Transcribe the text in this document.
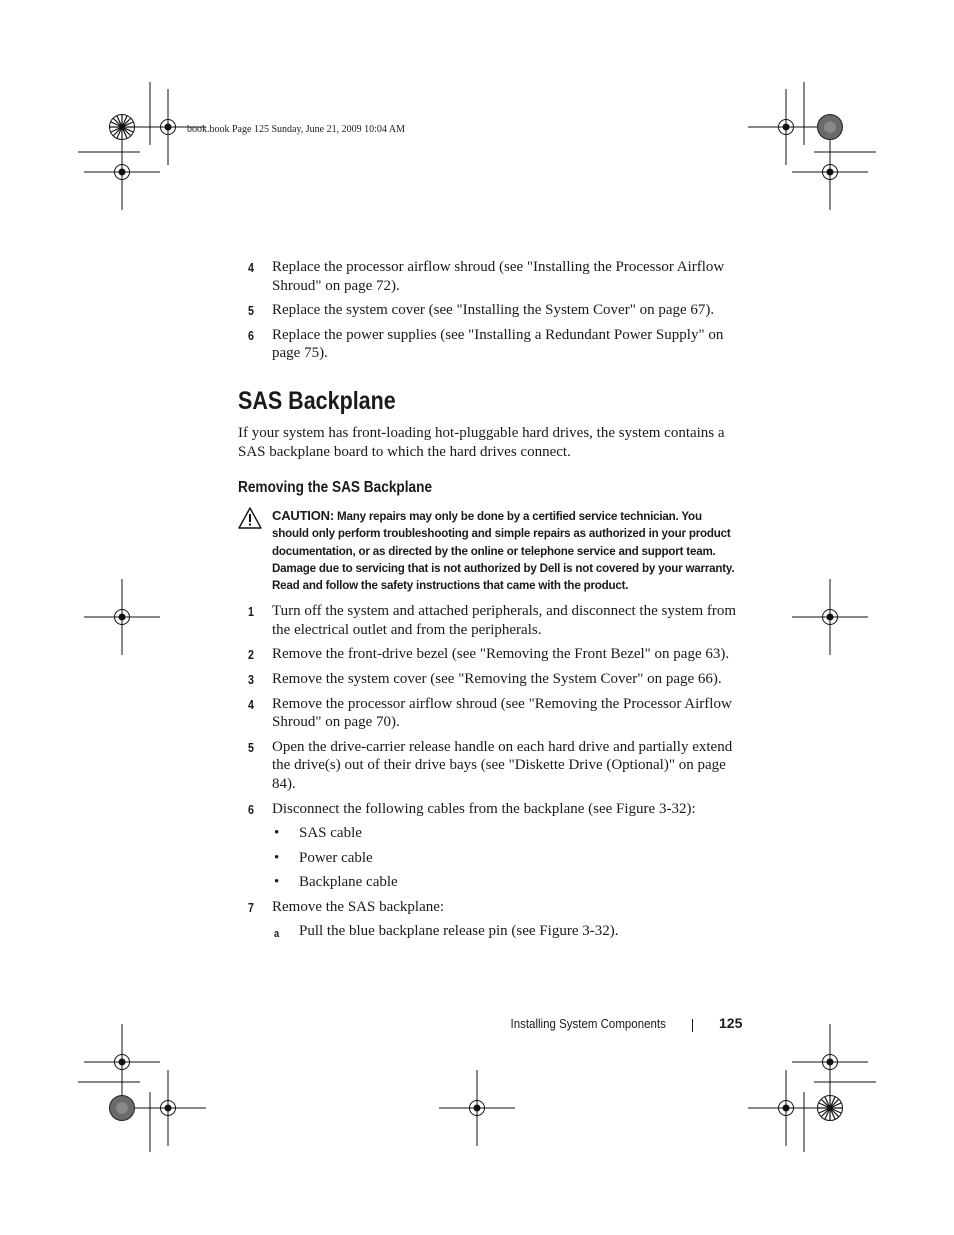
book.book Page 125 Sunday, June 21, 2009 10:04 AM
4 Replace the processor airflow shroud (see "Installing the Processor Airflow Shroud" on page 72).
5 Replace the system cover (see "Installing the System Cover" on page 67).
6 Replace the power supplies (see "Installing a Redundant Power Supply" on page 75).
SAS Backplane

If your system has front-loading hot-pluggable hard drives, the system contains a SAS backplane board to which the hard drives connect.

Removing the SAS Backplane
CAUTION: Many repairs may only be done by a certified service technician. You should only perform troubleshooting and simple repairs as authorized in your product documentation, or as directed by the online or telephone service and support team. Damage due to servicing that is not authorized by Dell is not covered by your warranty. Read and follow the safety instructions that came with the product.
1 Turn off the system and attached peripherals, and disconnect the system from the electrical outlet and from the peripherals.
2 Remove the front-drive bezel (see "Removing the Front Bezel" on page 63).
3 Remove the system cover (see "Removing the System Cover" on page 66).
4 Remove the processor airflow shroud (see "Removing the Processor Airflow Shroud" on page 70).
5 Open the drive-carrier release handle on each hard drive and partially extend the drive(s) out of their drive bays (see "Diskette Drive (Optional)" on page 84).
6 Disconnect the following cables from the backplane (see Figure 3-32):
• SAS cable
• Power cable
• Backplane cable
7 Remove the SAS backplane:
a Pull the blue backplane release pin (see Figure 3-32).
Installing System Components	125
